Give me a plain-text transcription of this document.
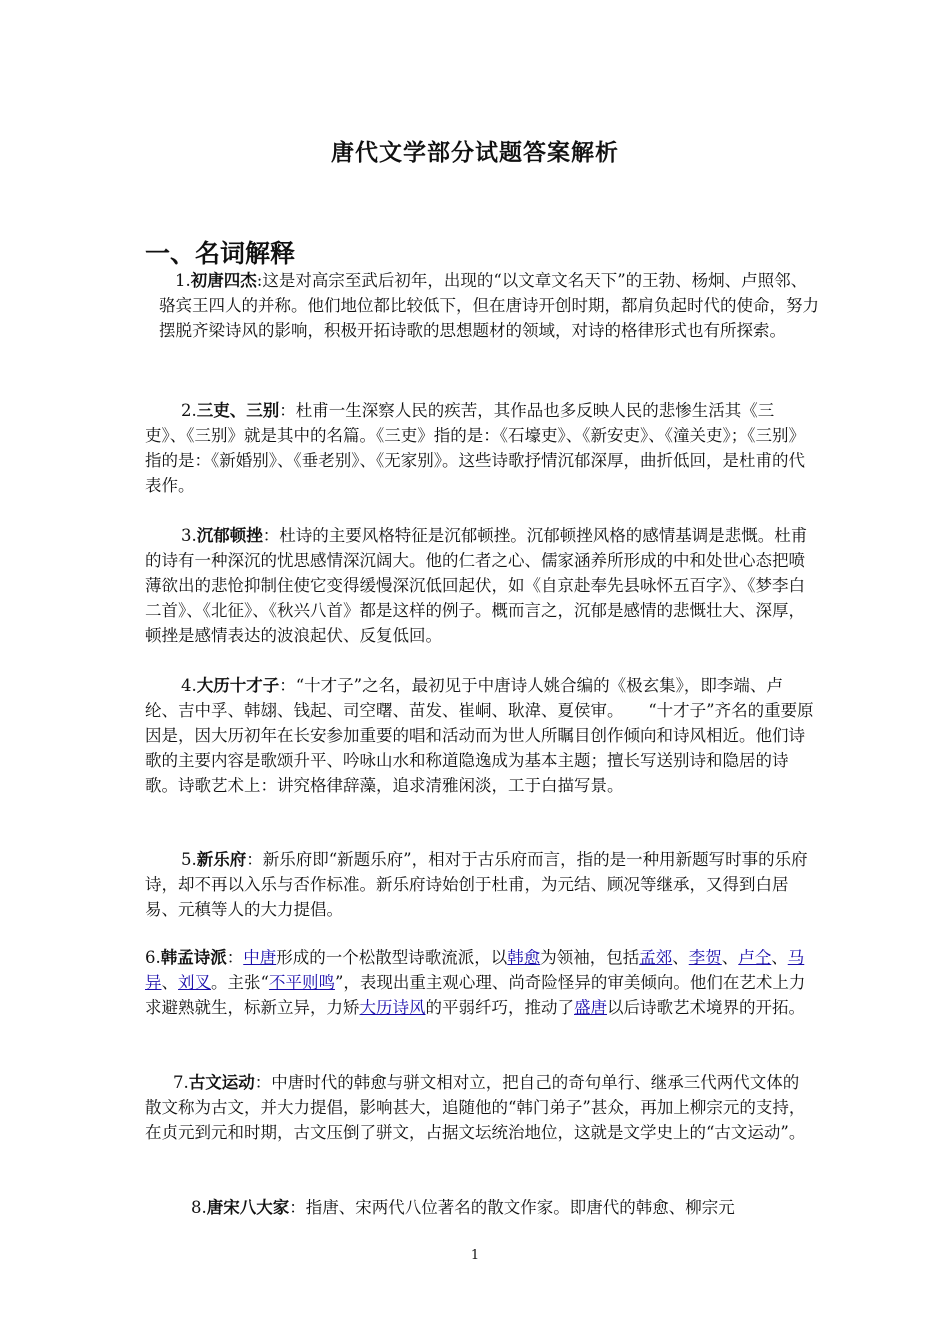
唐代文学部分试题答案解析
一、名词解释

1.初唐四杰:这是对高宗至武后初年，出现的“以文章文名天下”的王勃、杨炯、卢照邻、骆宾王四人的并称。他们地位都比较低下，但在唐诗开创时期，都肩负起时代的使命，努力摆脱齐梁诗风的影响，积极开拓诗歌的思想题材的领域，对诗的格律形式也有所探索。

2.三吏、三别：杜甫一生深察人民的疾苦，其作品也多反映人民的悲惨生活其《三吏》、《三别》就是其中的名篇。《三吏》指的是：《石壕吏》、《新安吏》、《潼关吏》；《三别》指的是：《新婚别》、《垂老别》、《无家别》。这些诗歌抒情沉郁深厚，曲折低回，是杜甫的代表作。

3.沉郁顿挫：杜诗的主要风格特征是沉郁顿挫。沉郁顿挫风格的感情基调是悲慨。杜甫的诗有一种深沉的忧思感情深沉阔大。他的仁者之心、儒家涵养所形成的中和处世心态把喷薄欲出的悲怆抑制住使它变得缓慢深沉低回起伏，如《自京赴奉先县咏怀五百字》、《梦李白二首》、《北征》、《秋兴八首》都是这样的例子。概而言之，沉郁是感情的悲慨壮大、深厚，顿挫是感情表达的波浪起伏、反复低回。

4.大历十才子：“十才子”之名，最初见于中唐诗人姚合编的《极玄集》，即李端、卢纶、吉中孚、韩翃、钱起、司空曙、苗发、崔峒、耿湋、夏侯审。　　“十才子”齐名的重要原因是，因大历初年在长安参加重要的唱和活动而为世人所瞩目创作倾向和诗风相近。他们诗歌的主要内容是歌颂升平、吟咏山水和称道隐逸成为基本主题；擅长写送别诗和隐居的诗歌。诗歌艺术上：讲究格律辞藻，追求清雅闲淡，工于白描写景。

5.新乐府：新乐府即“新题乐府”，相对于古乐府而言，指的是一种用新题写时事的乐府诗，却不再以入乐与否作标准。新乐府诗始创于杜甫，为元结、顾况等继承，又得到白居易、元稹等人的大力提倡。

6.韩孟诗派：中唐形成的一个松散型诗歌流派，以韩愈为领袖，包括孟郊、李贺、卢仝、马异、刘叉。主张“不平则鸣”，表现出重主观心理、尚奇险怪异的审美倾向。他们在艺术上力求避熟就生，标新立异，力矫大历诗风的平弱纤巧，推动了盛唐以后诗歌艺术境界的开拓。

7.古文运动：中唐时代的韩愈与骈文相对立，把自己的奇句单行、继承三代两代文体的散文称为古文，并大力提倡，影响甚大，追随他的“韩门弟子”甚众，再加上柳宗元的支持，在贞元到元和时期，古文压倒了骈文，占据文坛统治地位，这就是文学史上的“古文运动”。

8.唐宋八大家：指唐、宋两代八位著名的散文作家。即唐代的韩愈、柳宗元

1
